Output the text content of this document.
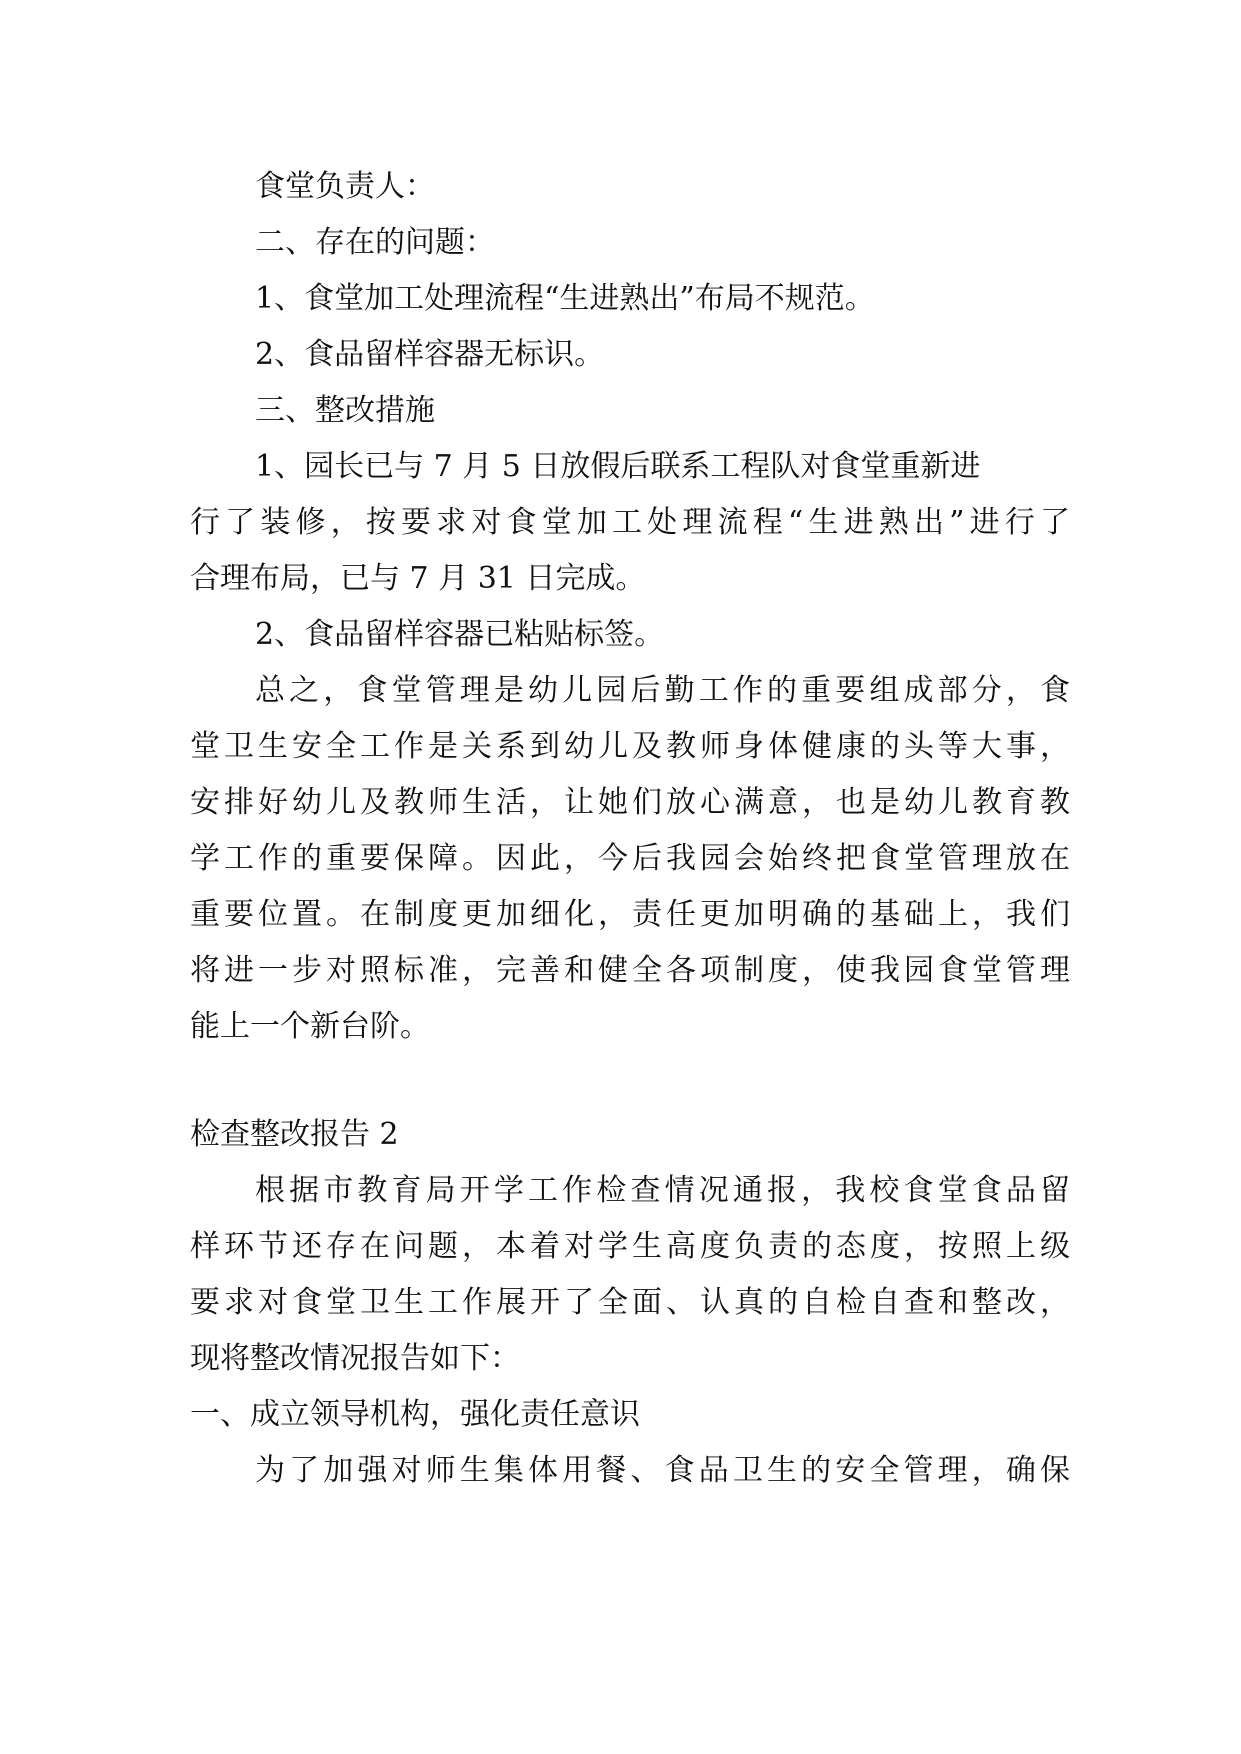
食堂负责人：

二、存在的问题：

1、食堂加工处理流程“生进熟出”布局不规范。

2、食品留样容器无标识。

三、整改措施

1、园长已与 7 月 5 日放假后联系工程队对食堂重新进

行了装修，按要求对食堂加工处理流程“生进熟出”进行了

合理布局，已与 7 月 31 日完成。

2、食品留样容器已粘贴标签。

总之，食堂管理是幼儿园后勤工作的重要组成部分，食

堂卫生安全工作是关系到幼儿及教师身体健康的头等大事，

安排好幼儿及教师生活，让她们放心满意，也是幼儿教育教

学工作的重要保障。因此，今后我园会始终把食堂管理放在

重要位置。在制度更加细化，责任更加明确的基础上，我们

将进一步对照标准，完善和健全各项制度，使我园食堂管理

能上一个新台阶。

检查整改报告 2

根据市教育局开学工作检查情况通报，我校食堂食品留

样环节还存在问题，本着对学生高度负责的态度，按照上级

要求对食堂卫生工作展开了全面、认真的自检自查和整改，

现将整改情况报告如下：

一、成立领导机构，强化责任意识

为了加强对师生集体用餐、食品卫生的安全管理，确保
